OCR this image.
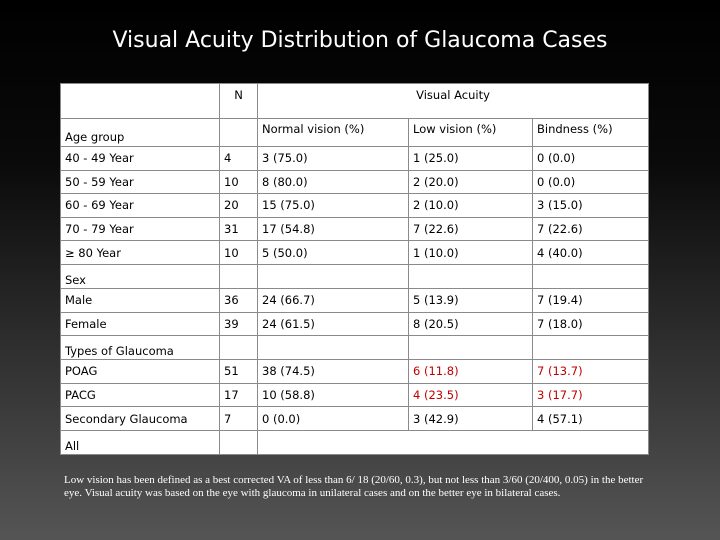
Visual Acuity Distribution of Glaucoma Cases
	N	Visual Acuity		
Age group		Normal vision (%)	Low vision (%)	Bindness (%)
40 - 49 Year	4	3 (75.0)	1 (25.0)	0 (0.0)
50 - 59 Year	10	8 (80.0)	2 (20.0)	0 (0.0)
60 - 69 Year	20	15 (75.0)	2 (10.0)	3 (15.0)
70 - 79 Year	31	17 (54.8)	7 (22.6)	7 (22.6)
≥ 80 Year	10	5 (50.0)	1 (10.0)	4 (40.0)
Sex				
Male	36	24 (66.7)	5 (13.9)	7 (19.4)
Female	39	24 (61.5)	8 (20.5)	7 (18.0)
Types of Glaucoma				
POAG	51	38 (74.5)	6 (11.8)	7 (13.7)
PACG	17	10 (58.8)	4 (23.5)	3 (17.7)
Secondary Glaucoma	7	0 (0.0)	3 (42.9)	4 (57.1)
All				
Low vision has been defined as a best corrected VA of less than 6/ 18 (20/60, 0.3), but not less than 3/60 (20/400, 0.05) in the better eye. Visual acuity was based on the eye with glaucoma in unilateral cases and on the better eye in bilateral cases.
